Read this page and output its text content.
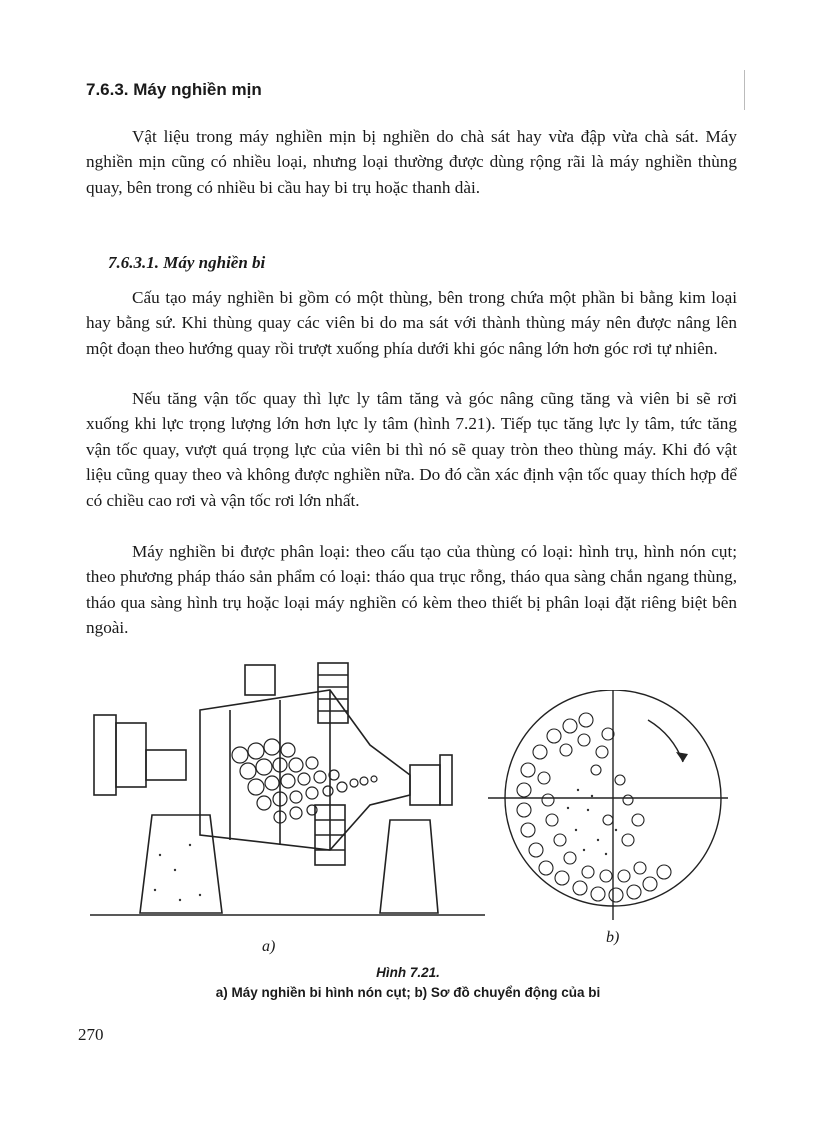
7.6.3. Máy nghiền mịn

Vật liệu trong máy nghiền mịn bị nghiền do chà sát hay vừa đập vừa chà sát. Máy nghiền mịn cũng có nhiều loại, nhưng loại thường được dùng rộng rãi là máy nghiền thùng quay, bên trong có nhiều bi cầu hay bi trụ hoặc thanh dài.

7.6.3.1. Máy nghiền bi

Cấu tạo máy nghiền bi gồm có một thùng, bên trong chứa một phần bi bằng kim loại hay bằng sứ. Khi thùng quay các viên bi do ma sát với thành thùng máy nên được nâng lên một đoạn theo hướng quay rồi trượt xuống phía dưới khi góc nâng lớn hơn góc rơi tự nhiên.

Nếu tăng vận tốc quay thì lực ly tâm tăng và góc nâng cũng tăng và viên bi sẽ rơi xuống khi lực trọng lượng lớn hơn lực ly tâm (hình 7.21). Tiếp tục tăng lực ly tâm, tức tăng vận tốc quay, vượt quá trọng lực của viên bi thì nó sẽ quay tròn theo thùng máy. Khi đó vật liệu cũng quay theo và không được nghiền nữa. Do đó cần xác định vận tốc quay thích hợp để có chiều cao rơi và vận tốc rơi lớn nhất.

Máy nghiền bi được phân loại: theo cấu tạo của thùng có loại: hình trụ, hình nón cụt; theo phương pháp tháo sản phẩm có loại: tháo qua trục rỗng, tháo qua sàng chắn ngang thùng, tháo qua sàng hình trụ hoặc loại máy nghiền có kèm theo thiết bị phân loại đặt riêng biệt bên ngoài.

a)
b)
Hình 7.21.
a) Máy nghiền bi hình nón cụt; b) Sơ đồ chuyển động của bi
270
